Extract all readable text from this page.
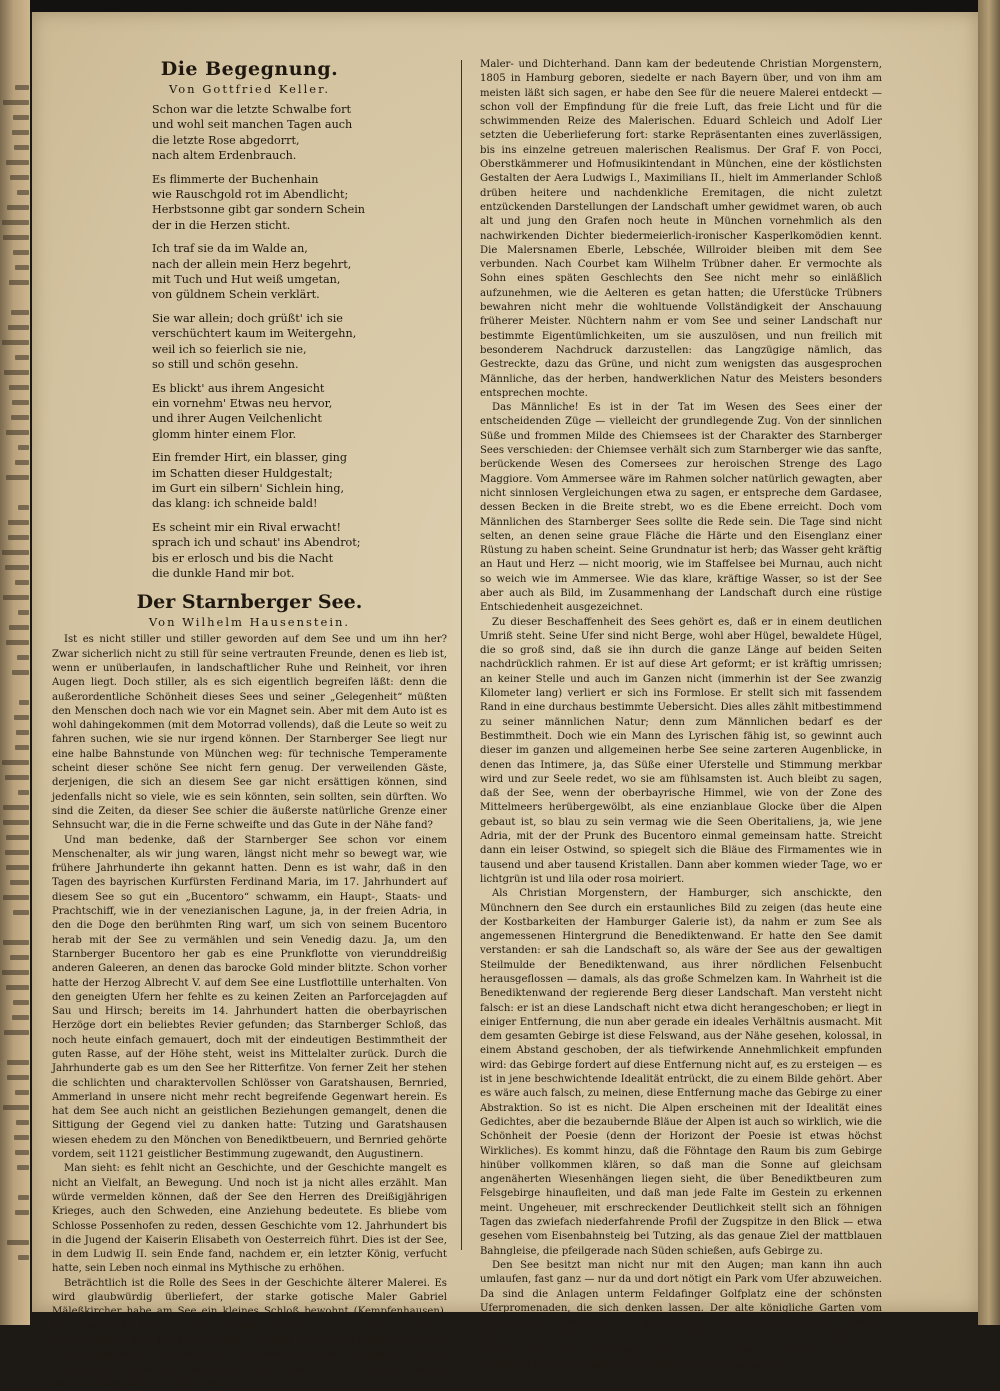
Die Begegnung.
Von Gottfried Keller.
Schon war die letzte Schwalbe fort
und wohl seit manchen Tagen auch
die letzte Rose abgedorrt,
nach altem Erdenbrauch.
Es flimmerte der Buchenhain
wie Rauschgold rot im Abendlicht;
Herbstsonne gibt gar sondern Schein
der in die Herzen sticht.
Ich traf sie da im Walde an,
nach der allein mein Herz begehrt,
mit Tuch und Hut weiß umgetan,
von güldnem Schein verklärt.
Sie war allein; doch grüßt' ich sie
verschüchtert kaum im Weitergehn,
weil ich so feierlich sie nie,
so still und schön gesehn.
Es blickt' aus ihrem Angesicht
ein vornehm' Etwas neu hervor,
und ihrer Augen Veilchenlicht
glomm hinter einem Flor.
Ein fremder Hirt, ein blasser, ging
im Schatten dieser Huldgestalt;
im Gurt ein silbern' Sichlein hing,
das klang: ich schneide bald!
Es scheint mir ein Rival erwacht!
sprach ich und schaut' ins Abendrot;
bis er erlosch und bis die Nacht
die dunkle Hand mir bot.
Der Starnberger See.
Von Wilhelm Hausenstein.

Ist es nicht stiller und stiller geworden auf dem See und um ihn her? Zwar sicherlich nicht zu still für seine vertrauten Freunde, denen es lieb ist, wenn er unüberlaufen, in landschaftlicher Ruhe und Reinheit, vor ihren Augen liegt. Doch stiller, als es sich eigentlich begreifen läßt: denn die außerordentliche Schönheit dieses Sees und seiner „Gelegenheit“ müßten den Menschen doch nach wie vor ein Magnet sein. Aber mit dem Auto ist es wohl dahingekommen (mit dem Motorrad vollends), daß die Leute so weit zu fahren suchen, wie sie nur irgend können. Der Starnberger See liegt nur eine halbe Bahnstunde von München weg: für technische Temperamente scheint dieser schöne See nicht fern genug. Der verweilenden Gäste, derjenigen, die sich an diesem See gar nicht ersättigen können, sind jedenfalls nicht so viele, wie es sein könnten, sein sollten, sein dürften. Wo sind die Zeiten, da dieser See schier die äußerste natürliche Grenze einer Sehnsucht war, die in die Ferne schweifte und das Gute in der Nähe fand?

Und man bedenke, daß der Starnberger See schon vor einem Menschenalter, als wir jung waren, längst nicht mehr so bewegt war, wie frühere Jahrhunderte ihn gekannt hatten. Denn es ist wahr, daß in den Tagen des bayrischen Kurfürsten Ferdinand Maria, im 17. Jahrhundert auf diesem See so gut ein „Bucentoro“ schwamm, ein Haupt-, Staats- und Prachtschiff, wie in der venezianischen Lagune, ja, in der freien Adria, in den die Doge den berühmten Ring warf, um sich von seinem Bucentoro herab mit der See zu vermählen und sein Venedig dazu. Ja, um den Starnberger Bucentoro her gab es eine Prunkflotte von vierunddreißig anderen Galeeren, an denen das barocke Gold minder blitzte. Schon vorher hatte der Herzog Albrecht V. auf dem See eine Lustflottille unterhalten. Von den geneigten Ufern her fehlte es zu keinen Zeiten an Parforcejagden auf Sau und Hirsch; bereits im 14. Jahrhundert hatten die oberbayrischen Herzöge dort ein beliebtes Revier gefunden; das Starnberger Schloß, das noch heute einfach gemauert, doch mit der eindeutigen Bestimmtheit der guten Rasse, auf der Höhe steht, weist ins Mittelalter zurück. Durch die Jahrhunderte gab es um den See her Ritterfitze. Von ferner Zeit her stehen die schlichten und charaktervollen Schlösser von Garatshausen, Bernried, Ammerland in unsere nicht mehr recht begreifende Gegenwart herein. Es hat dem See auch nicht an geistlichen Beziehungen gemangelt, denen die Sittigung der Gegend viel zu danken hatte: Tutzing und Garatshausen wiesen ehedem zu den Mönchen von Benediktbeuern, und Bernried gehörte vordem, seit 1121 geistlicher Bestimmung zugewandt, den Augustinern.

Man sieht: es fehlt nicht an Geschichte, und der Geschichte mangelt es nicht an Vielfalt, an Bewegung. Und noch ist ja nicht alles erzählt. Man würde vermelden können, daß der See den Herren des Dreißigjährigen Krieges, auch den Schweden, eine Anziehung bedeutete. Es bliebe vom Schlosse Possenhofen zu reden, dessen Geschichte vom 12. Jahrhundert bis in die Jugend der Kaiserin Elisabeth von Oesterreich führt. Dies ist der See, in dem Ludwig II. sein Ende fand, nachdem er, ein letzter König, verfucht hatte, sein Leben noch einmal ins Mythische zu erhöhen.

Beträchtlich ist die Rolle des Sees in der Geschichte älterer Malerei. Es wird glaubwürdig überliefert, der starke gotische Maler Gabriel Mäleßkircher habe am See ein kleines Schloß bewohnt (Kempfenhausen). Das eigentliche Bild des Sees begann freilich erst um 1700, mit Franz Joachim Beich. Max Josef Wagenbauer sah den See wie ein Niederländer des 17. Jahrhunderts — staffierte das Ufer gern mit Kühen. Wilhelm von Kobell malte ihn mit einer stereoskopischen Deutlichkeit. Georg von Dillis weihte dieser Landschaft seine leise innige

Maler- und Dichterhand. Dann kam der bedeutende Christian Morgenstern, 1805 in Hamburg geboren, siedelte er nach Bayern über, und von ihm am meisten läßt sich sagen, er habe den See für die neuere Malerei entdeckt — schon voll der Empfindung für die freie Luft, das freie Licht und für die schwimmenden Reize des Malerischen. Eduard Schleich und Adolf Lier setzten die Ueberlieferung fort: starke Repräsentanten eines zuverlässigen, bis ins einzelne getreuen malerischen Realismus. Der Graf F. von Pocci, Oberstkämmerer und Hofmusikintendant in München, eine der köstlichsten Gestalten der Aera Ludwigs I., Maximilians II., hielt im Ammerlander Schloß drüben heitere und nachdenkliche Eremitagen, die nicht zuletzt entzückenden Darstellungen der Landschaft umher gewidmet waren, ob auch alt und jung den Grafen noch heute in München vornehmlich als den nachwirkenden Dichter biedermeierlich-ironischer Kasperlkomödien kennt. Die Malersnamen Eberle, Lebschée, Willroider bleiben mit dem See verbunden. Nach Courbet kam Wilhelm Trübner daher. Er vermochte als Sohn eines späten Geschlechts den See nicht mehr so einläßlich aufzunehmen, wie die Aelteren es getan hatten; die Uferstücke Trübners bewahren nicht mehr die wohltuende Vollständigkeit der Anschauung früherer Meister. Nüchtern nahm er vom See und seiner Landschaft nur bestimmte Eigentümlichkeiten, um sie auszulösen, und nun freilich mit besonderem Nachdruck darzustellen: das Langzügige nämlich, das Gestreckte, dazu das Grüne, und nicht zum wenigsten das ausgesprochen Männliche, das der herben, handwerklichen Natur des Meisters besonders entsprechen mochte.

Das Männliche! Es ist in der Tat im Wesen des Sees einer der entscheidenden Züge — vielleicht der grundlegende Zug. Von der sinnlichen Süße und frommen Milde des Chiemsees ist der Charakter des Starnberger Sees verschieden: der Chiemsee verhält sich zum Starnberger wie das sanfte, berückende Wesen des Comersees zur heroischen Strenge des Lago Maggiore. Vom Ammersee wäre im Rahmen solcher natürlich gewagten, aber nicht sinnlosen Vergleichungen etwa zu sagen, er entspreche dem Gardasee, dessen Becken in die Breite strebt, wo es die Ebene erreicht. Doch vom Männlichen des Starnberger Sees sollte die Rede sein. Die Tage sind nicht selten, an denen seine graue Fläche die Härte und den Eisenglanz einer Rüstung zu haben scheint. Seine Grundnatur ist herb; das Wasser geht kräftig an Haut und Herz — nicht moorig, wie im Staffelsee bei Murnau, auch nicht so weich wie im Ammersee. Wie das klare, kräftige Wasser, so ist der See aber auch als Bild, im Zusammenhang der Landschaft durch eine rüstige Entschiedenheit ausgezeichnet.

Zu dieser Beschaffenheit des Sees gehört es, daß er in einem deutlichen Umriß steht. Seine Ufer sind nicht Berge, wohl aber Hügel, bewaldete Hügel, die so groß sind, daß sie ihn durch die ganze Länge auf beiden Seiten nachdrücklich rahmen. Er ist auf diese Art geformt; er ist kräftig umrissen; an keiner Stelle und auch im Ganzen nicht (immerhin ist der See zwanzig Kilometer lang) verliert er sich ins Formlose. Er stellt sich mit fassendem Rand in eine durchaus bestimmte Uebersicht. Dies alles zählt mitbestimmend zu seiner männlichen Natur; denn zum Männlichen bedarf es der Bestimmtheit. Doch wie ein Mann des Lyrischen fähig ist, so gewinnt auch dieser im ganzen und allgemeinen herbe See seine zarteren Augenblicke, in denen das Intimere, ja, das Süße einer Uferstelle und Stimmung merkbar wird und zur Seele redet, wo sie am fühlsamsten ist. Auch bleibt zu sagen, daß der See, wenn der oberbayrische Himmel, wie von der Zone des Mittelmeers herübergewölbt, als eine enzianblaue Glocke über die Alpen gebaut ist, so blau zu sein vermag wie die Seen Oberitaliens, ja, wie jene Adria, mit der der Prunk des Bucentoro einmal gemeinsam hatte. Streicht dann ein leiser Ostwind, so spiegelt sich die Bläue des Firmamentes wie in tausend und aber tausend Kristallen. Dann aber kommen wieder Tage, wo er lichtgrün ist und lila oder rosa moiriert.

Als Christian Morgenstern, der Hamburger, sich anschickte, den Münchnern den See durch ein erstaunliches Bild zu zeigen (das heute eine der Kostbarkeiten der Hamburger Galerie ist), da nahm er zum See als angemessenen Hintergrund die Benediktenwand. Er hatte den See damit verstanden: er sah die Landschaft so, als wäre der See aus der gewaltigen Steilmulde der Benediktenwand, aus ihrer nördlichen Felsenbucht herausgeflossen — damals, als das große Schmelzen kam. In Wahrheit ist die Benediktenwand der regierende Berg dieser Landschaft. Man versteht nicht falsch: er ist an diese Landschaft nicht etwa dicht herangeschoben; er liegt in einiger Entfernung, die nun aber gerade ein ideales Verhältnis ausmacht. Mit dem gesamten Gebirge ist diese Felswand, aus der Nähe gesehen, kolossal, in einem Abstand geschoben, der als tiefwirkende Annehmlichkeit empfunden wird: das Gebirge fordert auf diese Entfernung nicht auf, es zu ersteigen — es ist in jene beschwichtende Idealität entrückt, die zu einem Bilde gehört. Aber es wäre auch falsch, zu meinen, diese Entfernung mache das Gebirge zu einer Abstraktion. So ist es nicht. Die Alpen erscheinen mit der Idealität eines Gedichtes, aber die bezaubernde Bläue der Alpen ist auch so wirklich, wie die Schönheit der Poesie (denn der Horizont der Poesie ist etwas höchst Wirkliches). Es kommt hinzu, daß die Föhntage den Raum bis zum Gebirge hinüber vollkommen klären, so daß man die Sonne auf gleichsam angenäherten Wiesenhängen liegen sieht, die über Benediktbeuren zum Felsgebirge hinaufleiten, und daß man jede Falte im Gestein zu erkennen meint. Ungeheuer, mit erschreckender Deutlichkeit stellt sich an föhnigen Tagen das zwiefach niederfahrende Profil der Zugspitze in den Blick — etwa gesehen vom Eisenbahnsteig bei Tutzing, als das genaue Ziel der mattblauen Bahngleise, die pfeilgerade nach Süden schießen, aufs Gebirge zu.

Den See besitzt man nicht nur mit den Augen; man kann ihn auch umlaufen, fast ganz — nur da und dort nötigt ein Park vom Ufer abzuweichen. Da sind die Anlagen unterm Feldafinger Golfplatz eine der schönsten Uferpromenaden, die sich denken lassen. Der alte königliche Garten vom Berg ist nicht verfperrt. Der weitläufigste Park am See steht dem Zutritt offen: der von Bernried, der es den schönsten Parks unserer Zone gleichtun dürfte. Rehe laufen unbefangen darin umher. Zwischen Buchen aber und Eichen ist dort allenthalben ein ungeheurer Zweikampf der
